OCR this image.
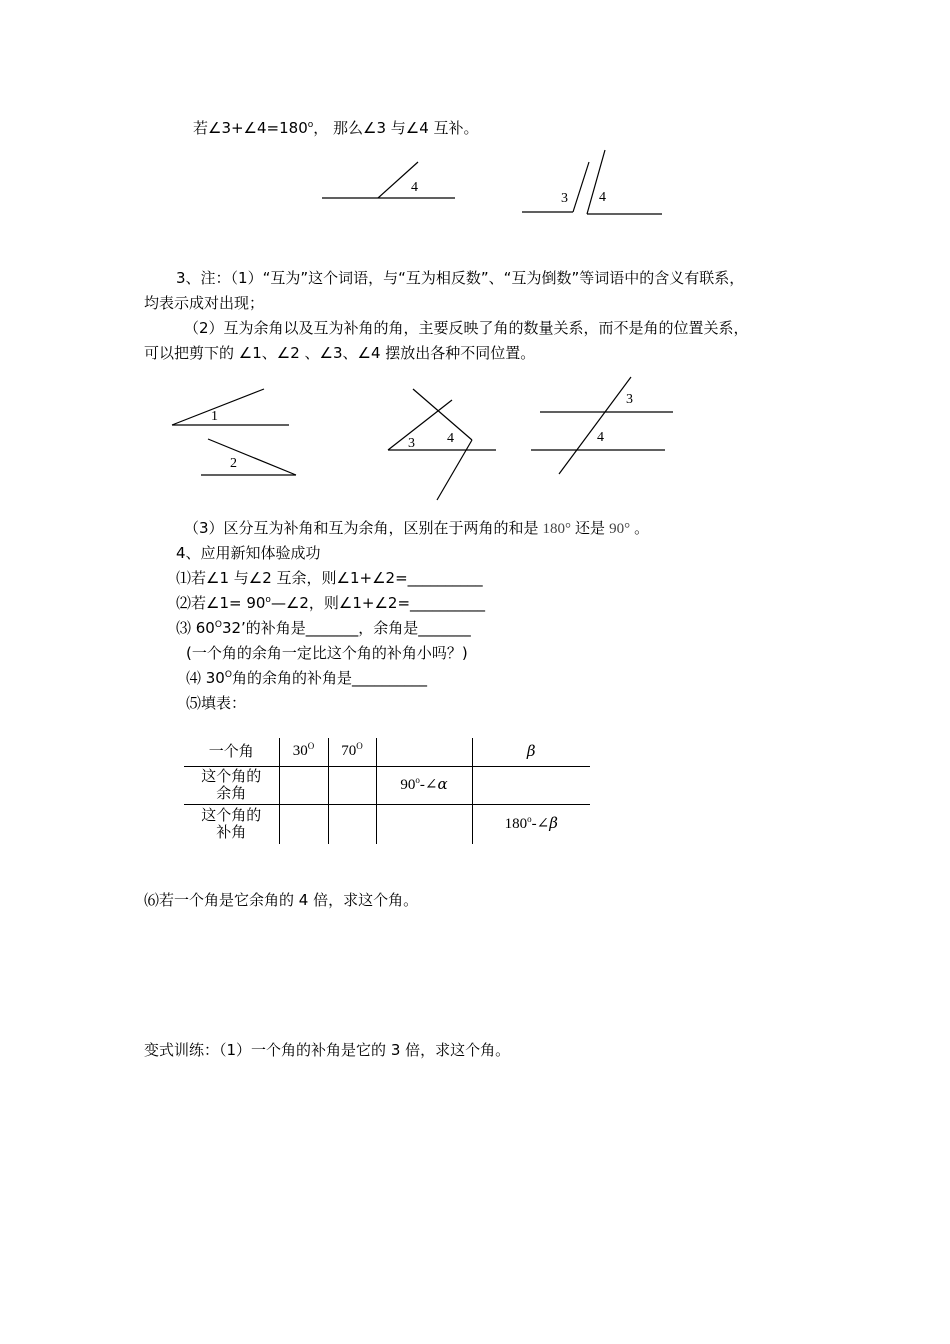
若$\angle 3+\angle 4=180^o$， 那么∠3 与∠4 互补。
4
3 4
1
2
3 4
3
4
3、注：（1）“互为”这个词语，与“互为相反数”、“互为倒数”等词语中的含义有联系，
均表示成对出现；
（2）互为余角以及互为补角的角，主要反映了角的数量关系，而不是角的位置关系，
可以把剪下的 ∠1、∠2 、∠3、∠4 摆放出各种不同位置。
（3）区分互为补角和互为余角，区别在于两角的和是 180° 还是 90° 。
4、应用新知体验成功
⑴若∠1 与∠2 互余，则∠1+∠2=__________
⑵若∠1= $90^o—\angle 2$，则∠1+∠2=__________
⑶ $60^O32$’的补角是_______，余角是_______
(一个角的余角一定比这个角的补角小吗？)
⑷ $30^O$角的余角的补角是__________
⑸填表：
一个角	$30^O$	$70^O$		β
这个角的余角			90$^o$-∠α	
这个角的补角				180$^o$-∠β
⑹若一个角是它余角的 4 倍，求这个角。
变式训练：（1）一个角的补角是它的 3 倍，求这个角。
